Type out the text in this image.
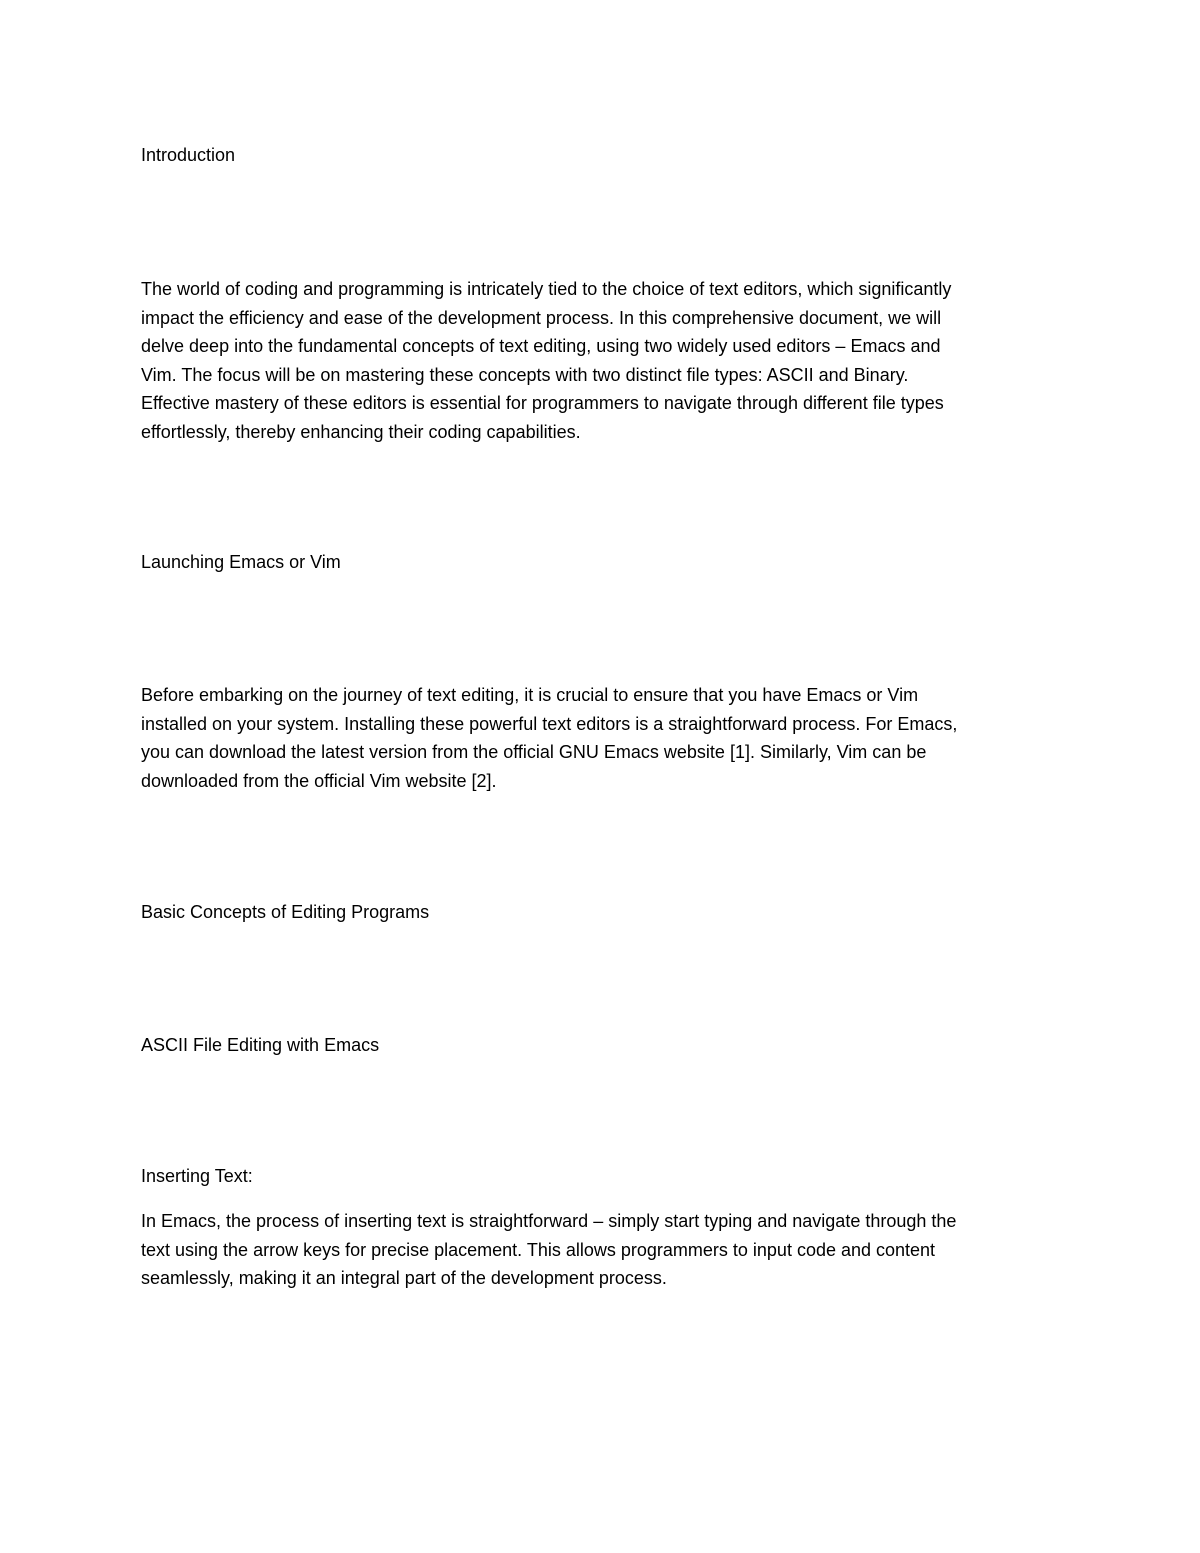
Introduction

The world of coding and programming is intricately tied to the choice of text editors, which significantly
impact the efficiency and ease of the development process. In this comprehensive document, we will
delve deep into the fundamental concepts of text editing, using two widely used editors – Emacs and
Vim. The focus will be on mastering these concepts with two distinct file types: ASCII and Binary.
Effective mastery of these editors is essential for programmers to navigate through different file types
effortlessly, thereby enhancing their coding capabilities.

Launching Emacs or Vim

Before embarking on the journey of text editing, it is crucial to ensure that you have Emacs or Vim
installed on your system. Installing these powerful text editors is a straightforward process. For Emacs,
you can download the latest version from the official GNU Emacs website [1]. Similarly, Vim can be
downloaded from the official Vim website [2].

Basic Concepts of Editing Programs

ASCII File Editing with Emacs

Inserting Text:

In Emacs, the process of inserting text is straightforward – simply start typing and navigate through the
text using the arrow keys for precise placement. This allows programmers to input code and content
seamlessly, making it an integral part of the development process.
